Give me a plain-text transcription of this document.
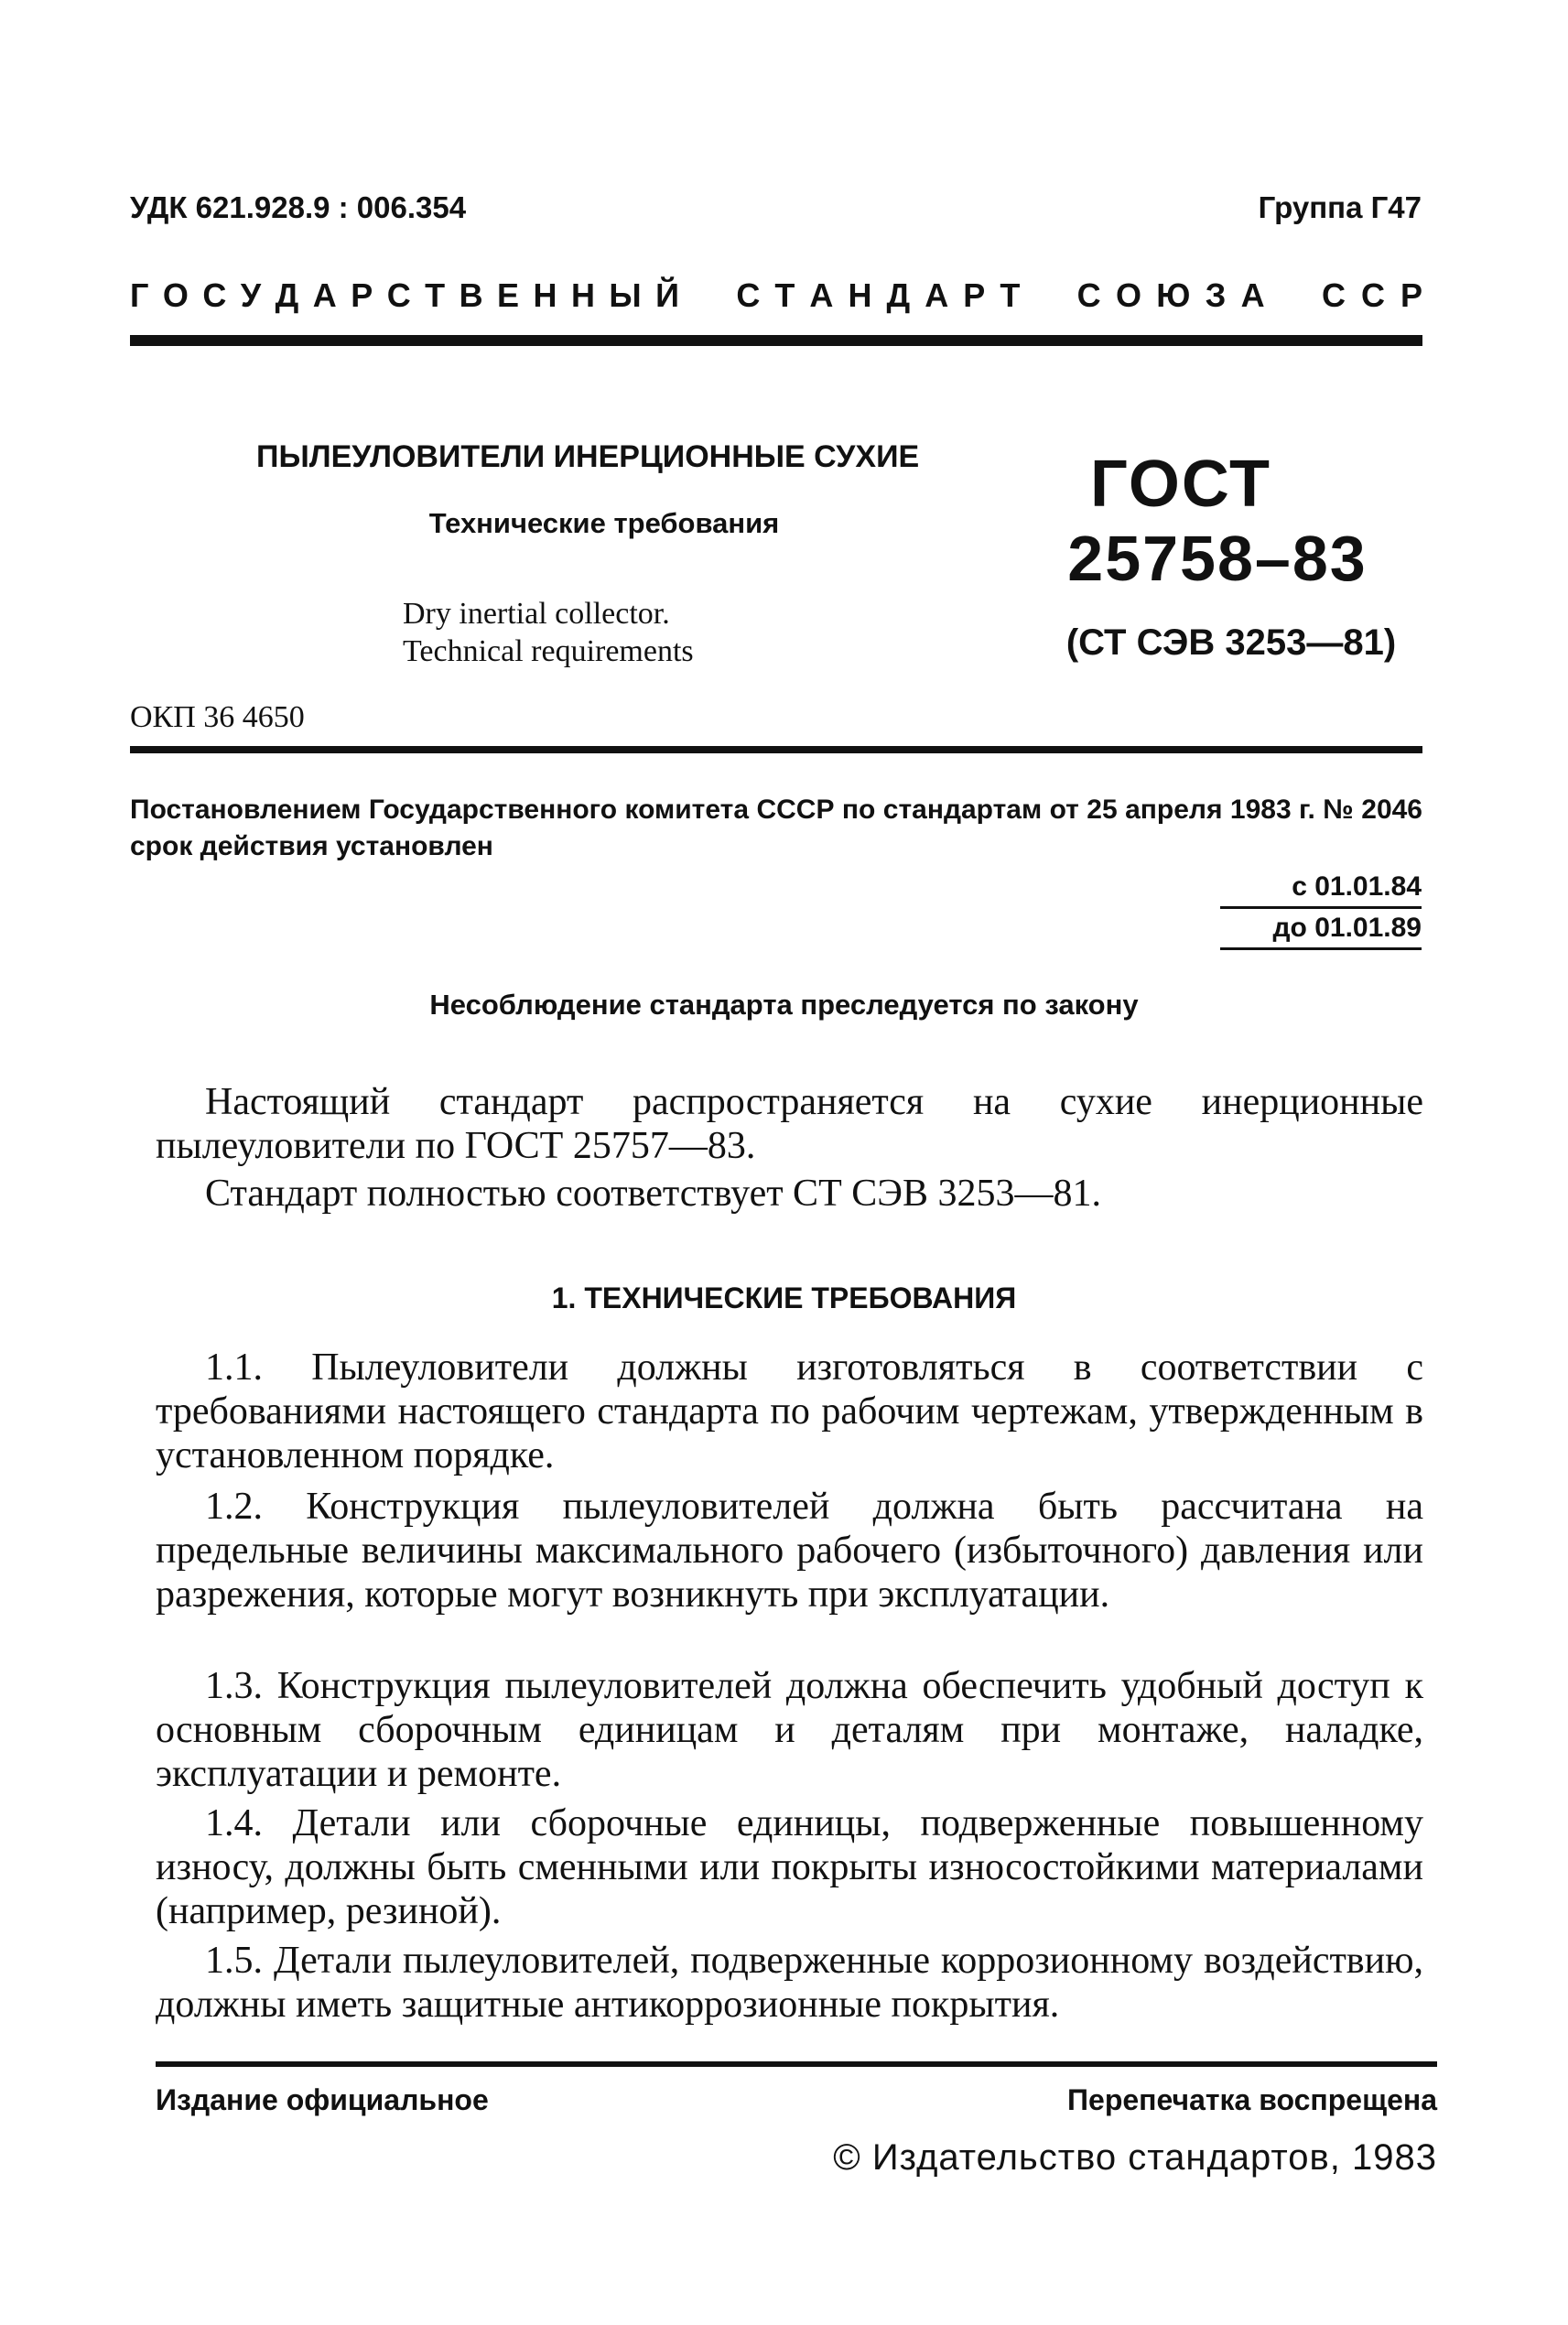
УДК 621.928.9 : 006.354	Группа Г47
Г О С У Д А Р С Т В Е Н Н Ы Й С Т А Н Д А Р Т С О Ю З А С С Р
ПЫЛЕУЛОВИТЕЛИ ИНЕРЦИОННЫЕ СУХИЕ
Технические требования
Dry inertial collector.
Technical requirements
ГОСТ
25758–83
(СТ СЭВ 3253—81)
ОКП 36 4650
Постановлением Государственного комитета СССР по стандартам от 25 апреля 1983 г. № 2046 срок действия установлен
с 01.01.84
до 01.01.89
Несоблюдение стандарта преследуется по закону
Настоящий стандарт распространяется на сухие инерционные пылеуловители по ГОСТ 25757—83.
Стандарт полностью соответствует СТ СЭВ 3253—81.
1. ТЕХНИЧЕСКИЕ ТРЕБОВАНИЯ
1.1. Пылеуловители должны изготовляться в соответствии с требованиями настоящего стандарта по рабочим чертежам, утвержденным в установленном порядке.
1.2. Конструкция пылеуловителей должна быть рассчитана на предельные величины максимального рабочего (избыточного) давления или разрежения, которые могут возникнуть при эксплуатации.
1.3. Конструкция пылеуловителей должна обеспечить удобный доступ к основным сборочным единицам и деталям при монтаже, наладке, эксплуатации и ремонте.
1.4. Детали или сборочные единицы, подверженные повышенному износу, должны быть сменными или покрыты износостойкими материалами (например, резиной).
1.5. Детали пылеуловителей, подверженные коррозионному воздействию, должны иметь защитные антикоррозионные покрытия.
Издание официальное	Перепечатка воспрещена
© Издательство стандартов, 1983
